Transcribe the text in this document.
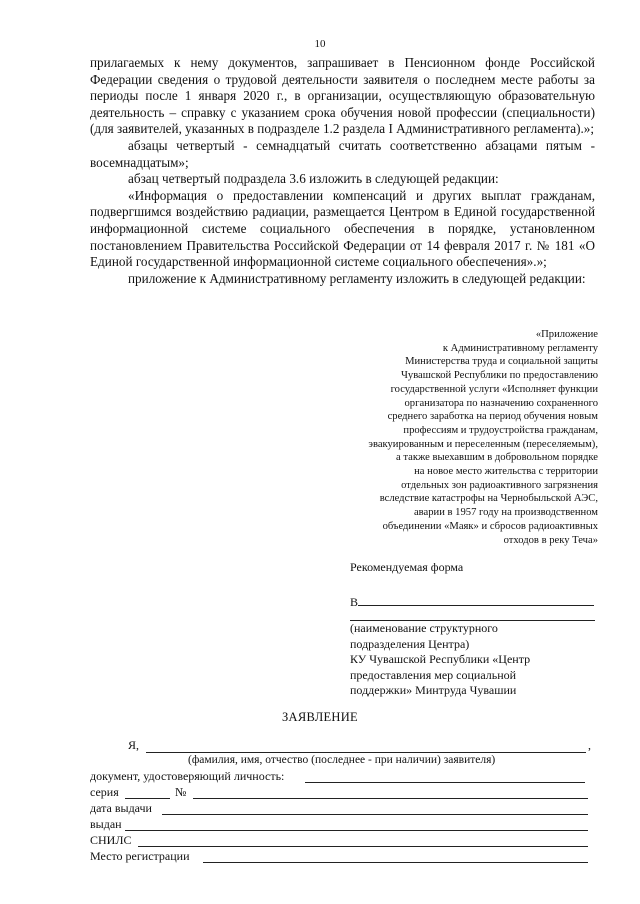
10

прилагаемых к нему документов, запрашивает в Пенсионном фонде Российской Федерации сведения о трудовой деятельности заявителя о последнем месте работы за периоды после 1 января 2020 г., в организации, осуществляющую образовательную деятельность – справку с указанием срока обучения новой профессии (специальности) (для заявителей, указанных в подразделе 1.2 раздела I Административного регламента).»;

абзацы четвертый - семнадцатый считать соответственно абзацами пятым - восемнадцатым»;

абзац четвертый подраздела 3.6 изложить в следующей редакции:

«Информация о предоставлении компенсаций и других выплат гражданам, подвергшимся воздействию радиации, размещается Центром в Единой государственной информационной системе социального обеспечения в порядке, установленном постановлением Правительства Российской Федерации от 14 февраля 2017 г. № 181 «О Единой государственной информационной системе социального обеспечения».»;

приложение к Административному регламенту изложить в следующей редакции:

«Приложение
к Административному регламенту
Министерства труда и социальной защиты
Чувашской Республики по предоставлению
государственной услуги «Исполняет функции
организатора по назначению сохраненного
среднего заработка на период обучения новым
профессиям и трудоустройства гражданам,
эвакуированным и переселенным (переселяемым),
а также выехавшим в добровольном порядке
на новое место жительства с территории
отдельных зон радиоактивного загрязнения
вследствие катастрофы на Чернобыльской АЭС,
аварии в 1957 году на производственном
объединении «Маяк» и сбросов радиоактивных
отходов в реку Теча»
Рекомендуемая форма
В
(наименование структурного
подразделения Центра)
КУ Чувашской Республики «Центр
предоставления мер социальной
поддержки» Минтруда Чувашии
ЗАЯВЛЕНИЕ
Я,	,
(фамилия, имя, отчество (последнее - при наличии) заявителя)
документ, удостоверяющий личность:
серия	№
дата выдачи
выдан
СНИЛС
Место регистрации
